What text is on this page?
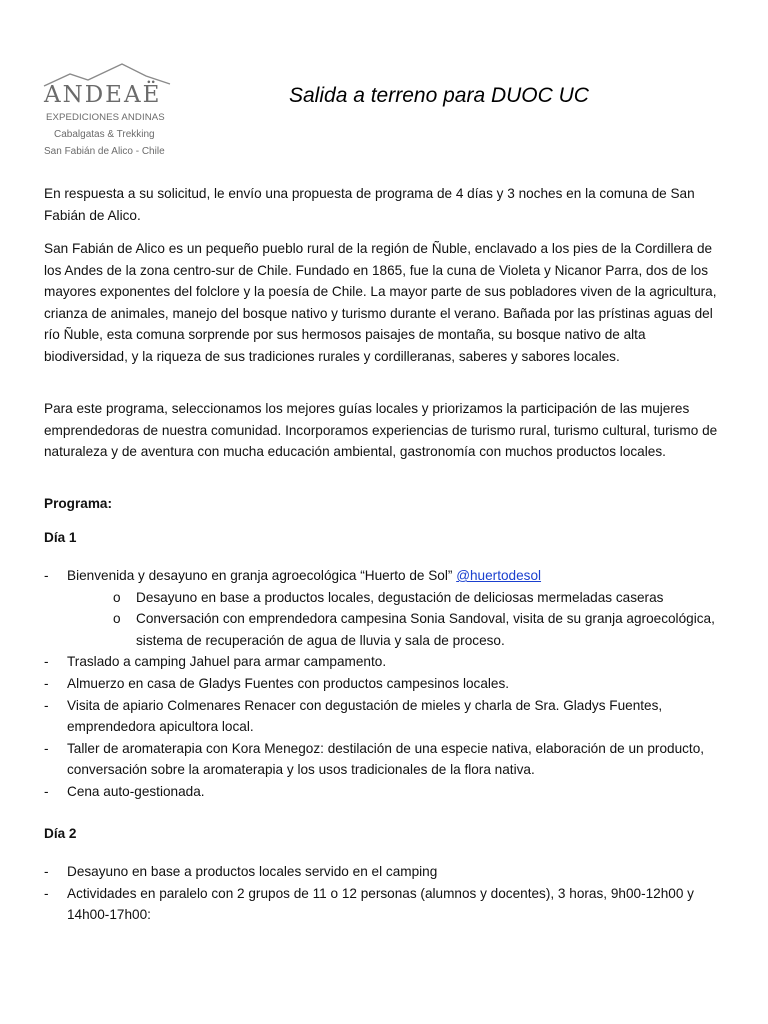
ANDEAË
EXPEDICIONES ANDINAS
Cabalgatas & Trekking
San Fabián de Alico - Chile
Salida a terreno para DUOC UC
En respuesta a su solicitud, le envío una propuesta de programa de 4 días y 3 noches en la comuna de San Fabián de Alico.
San Fabián de Alico es un pequeño pueblo rural de la región de Ñuble, enclavado a los pies de la Cordillera de los Andes de la zona centro-sur de Chile. Fundado en 1865, fue la cuna de Violeta y Nicanor Parra, dos de los mayores exponentes del folclore y la poesía de Chile. La mayor parte de sus pobladores viven de la agricultura, crianza de animales, manejo del bosque nativo y turismo durante el verano. Bañada por las prístinas aguas del río Ñuble, esta comuna sorprende por sus hermosos paisajes de montaña, su bosque nativo de alta biodiversidad, y la riqueza de sus tradiciones rurales y cordilleranas, saberes y sabores locales.
Para este programa, seleccionamos los mejores guías locales y priorizamos la participación de las mujeres emprendedoras de nuestra comunidad. Incorporamos experiencias de turismo rural, turismo cultural, turismo de naturaleza y de aventura con mucha educación ambiental, gastronomía con muchos productos locales.
Programa:
Día 1
- Bienvenida y desayuno en granja agroecológica “Huerto de Sol” @huertodesol
o Desayuno en base a productos locales, degustación de deliciosas mermeladas caseras
o Conversación con emprendedora campesina Sonia Sandoval, visita de su granja agroecológica, sistema de recuperación de agua de lluvia y sala de proceso.
- Traslado a camping Jahuel para armar campamento.
- Almuerzo en casa de Gladys Fuentes con productos campesinos locales.
- Visita de apiario Colmenares Renacer con degustación de mieles y charla de Sra. Gladys Fuentes, emprendedora apicultora local.
- Taller de aromaterapia con Kora Menegoz: destilación de una especie nativa, elaboración de un producto, conversación sobre la aromaterapia y los usos tradicionales de la flora nativa.
- Cena auto-gestionada.
Día 2
- Desayuno en base a productos locales servido en el camping
- Actividades en paralelo con 2 grupos de 11 o 12 personas (alumnos y docentes), 3 horas, 9h00-12h00 y 14h00-17h00:
